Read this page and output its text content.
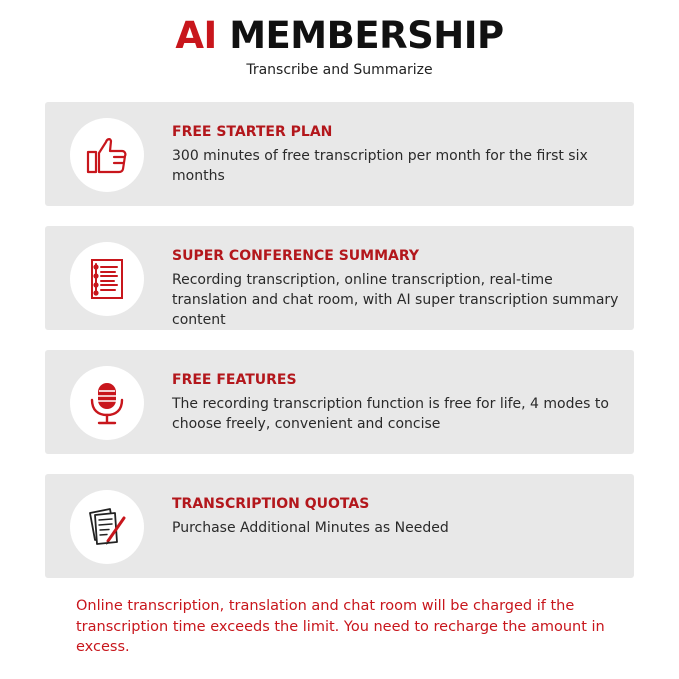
AI MEMBERSHIP
Transcribe and Summarize
FREE STARTER PLAN
300 minutes of free transcription per month for the first six months
SUPER CONFERENCE SUMMARY
Recording transcription, online transcription, real-time translation and chat room, with AI super transcription summary content
FREE FEATURES
The recording transcription function is free for life, 4 modes to choose freely, convenient and concise
TRANSCRIPTION QUOTAS
Purchase Additional Minutes as Needed
Online transcription, translation and chat room will be charged if the transcription time exceeds the limit. You need to recharge the amount in excess.
